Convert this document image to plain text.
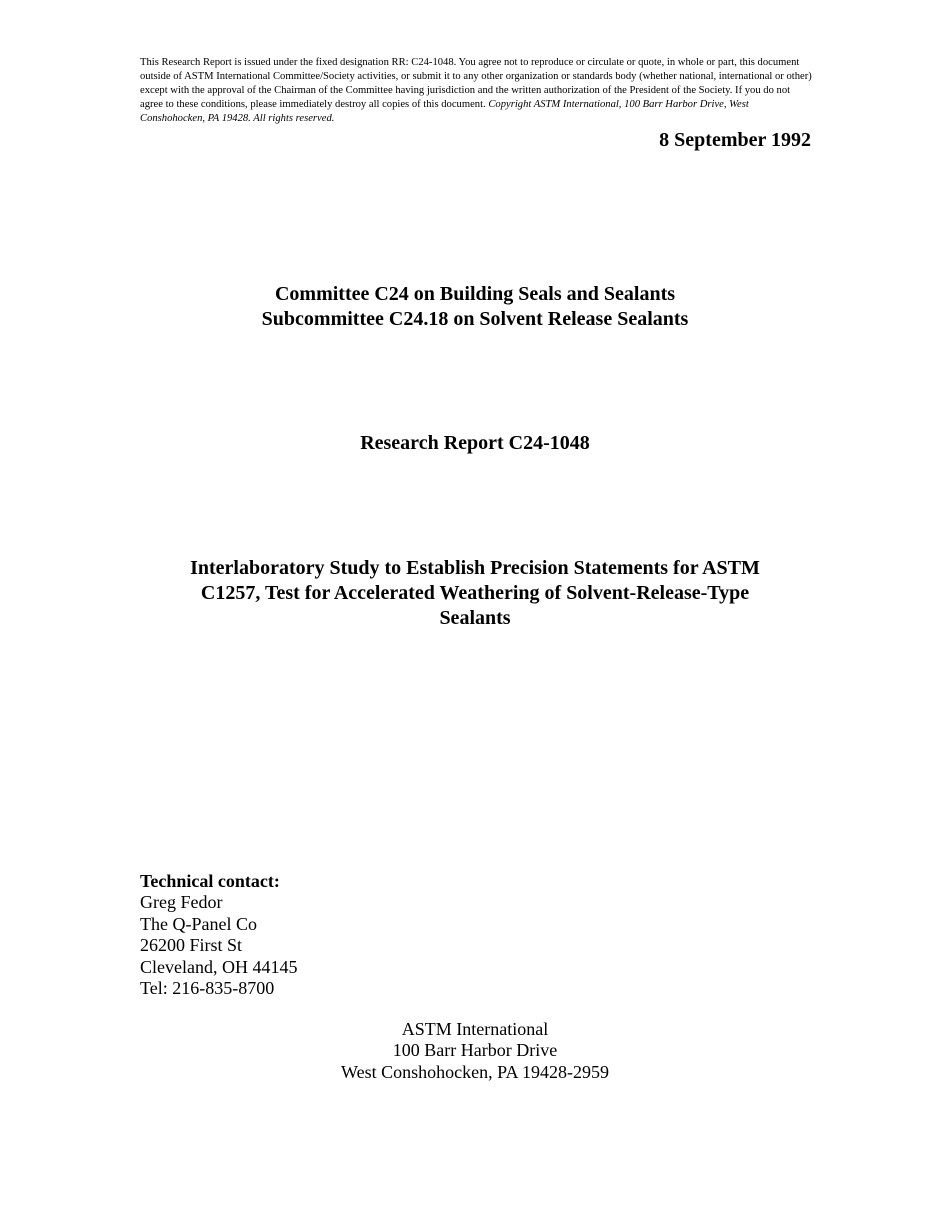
This Research Report is issued under the fixed designation RR: C24-1048. You agree not to reproduce or circulate or quote, in whole or part, this document outside of ASTM International Committee/Society activities, or submit it to any other organization or standards body (whether national, international or other) except with the approval of the Chairman of the Committee having jurisdiction and the written authorization of the President of the Society. If you do not agree to these conditions, please immediately destroy all copies of this document. Copyright ASTM International, 100 Barr Harbor Drive, West Conshohocken, PA 19428. All rights reserved.

8 September 1992

Committee C24 on Building Seals and Sealants
Subcommittee C24.18 on Solvent Release Sealants
Research Report C24-1048
Interlaboratory Study to Establish Precision Statements for ASTM
C1257, Test for Accelerated Weathering of Solvent-Release-Type
Sealants
Technical contact:
Greg Fedor
The Q-Panel Co
26200 First St
Cleveland, OH 44145
Tel: 216-835-8700
ASTM International
100 Barr Harbor Drive
West Conshohocken, PA 19428-2959
